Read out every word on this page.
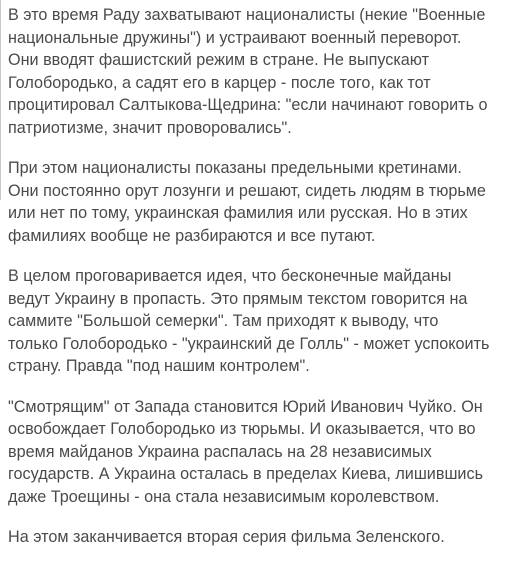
В это время Раду захватывают националисты (некие "Военные
национальные дружины") и устраивают военный переворот.
Они вводят фашистский режим в стране. Не выпускают
Голобородько, а садят его в карцер - после того, как тот
процитировал Салтыкова-Щедрина: "если начинают говорить о
патриотизме, значит проворовались".

При этом националисты показаны предельными кретинами.
Они постоянно орут лозунги и решают, сидеть людям в тюрьме
или нет по тому, украинская фамилия или русская. Но в этих
фамилиях вообще не разбираются и все путают.

В целом проговаривается идея, что бесконечные майданы
ведут Украину в пропасть. Это прямым текстом говорится на
саммите "Большой семерки". Там приходят к выводу, что
только Голобородько - "украинский де Голль" - может успокоить
страну. Правда "под нашим контролем".

"Смотрящим" от Запада становится Юрий Иванович Чуйко. Он
освобождает Голобородько из тюрьмы. И оказывается, что во
время майданов Украина распалась на 28 независимых
государств. А Украина осталась в пределах Киева, лишившись
даже Троещины - она стала независимым королевством.

На этом заканчивается вторая серия фильма Зеленского.
